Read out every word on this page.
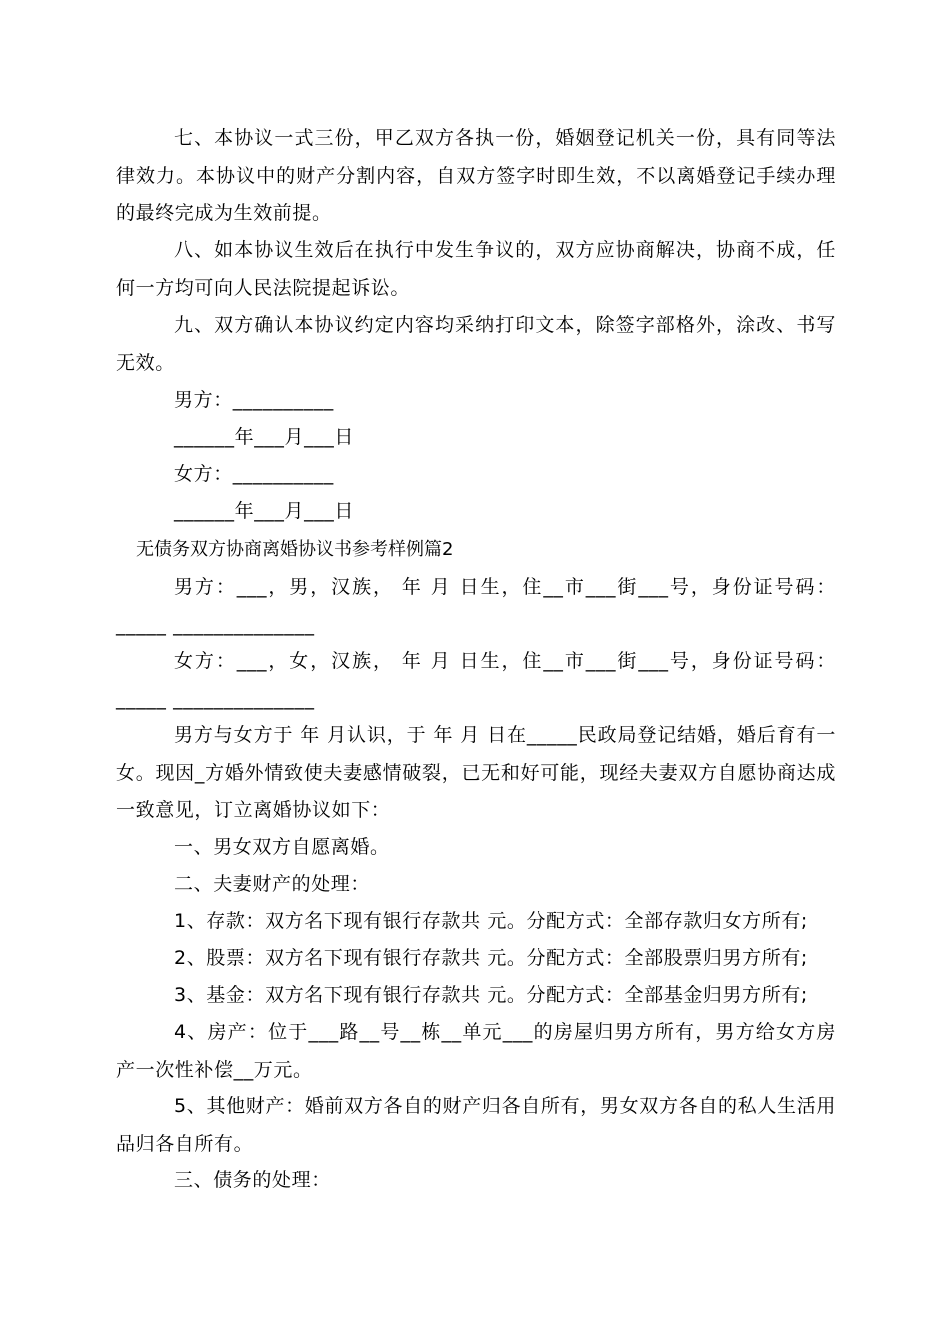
七、本协议一式三份，甲乙双方各执一份，婚姻登记机关一份，具有同等法律效力。本协议中的财产分割内容，自双方签字时即生效，不以离婚登记手续办理的最终完成为生效前提。

八、如本协议生效后在执行中发生争议的，双方应协商解决，协商不成，任何一方均可向人民法院提起诉讼。

九、双方确认本协议约定内容均采纳打印文本，除签字部格外，涂改、书写无效。

男方：__________

______年___月___日

女方：__________

______年___月___日

无债务双方协商离婚协议书参考样例篇2

男方：___，男，汉族， 年 月 日生，住__市___街___号，身份证号码：_____ ______________

女方：___，女，汉族， 年 月 日生，住__市___街___号，身份证号码：_____ ______________

男方与女方于 年 月认识，于 年 月 日在_____民政局登记结婚，婚后育有一女。现因_方婚外情致使夫妻感情破裂，已无和好可能，现经夫妻双方自愿协商达成一致意见，订立离婚协议如下：

一、男女双方自愿离婚。

二、夫妻财产的处理：

1、存款：双方名下现有银行存款共 元。分配方式：全部存款归女方所有;

2、股票：双方名下现有银行存款共 元。分配方式：全部股票归男方所有;

3、基金：双方名下现有银行存款共 元。分配方式：全部基金归男方所有;

4、房产：位于___路__号__栋__单元___的房屋归男方所有，男方给女方房产一次性补偿__万元。

5、其他财产：婚前双方各自的财产归各自所有，男女双方各自的私人生活用品归各自所有。

三、债务的处理：
